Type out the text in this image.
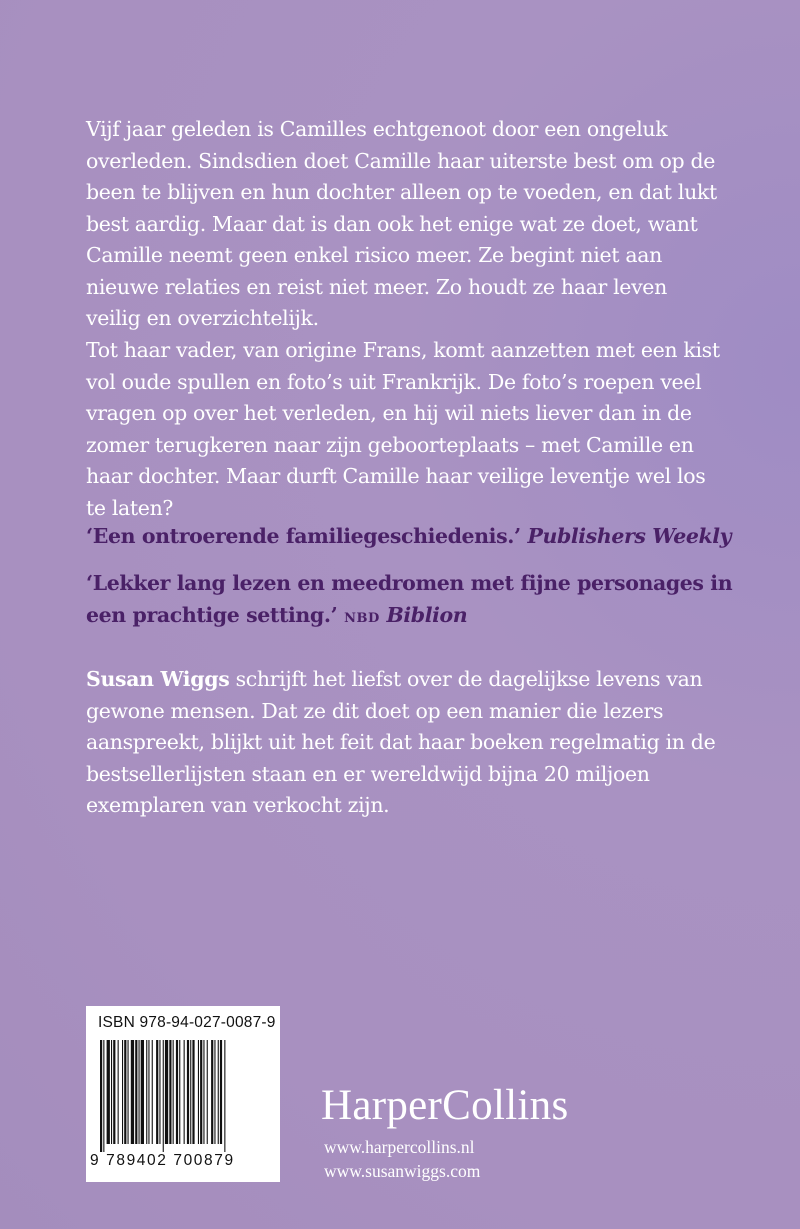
Vijf jaar geleden is Camilles echtgenoot door een ongeluk overleden. Sindsdien doet Camille haar uiterste best om op de been te blijven en hun dochter alleen op te voeden, en dat lukt best aardig. Maar dat is dan ook het enige wat ze doet, want Camille neemt geen enkel risico meer. Ze begint niet aan nieuwe relaties en reist niet meer. Zo houdt ze haar leven veilig en overzichtelijk.

Tot haar vader, van origine Frans, komt aanzetten met een kist vol oude spullen en foto’s uit Frankrijk. De foto’s roepen veel vragen op over het verleden, en hij wil niets liever dan in de zomer terugkeren naar zijn geboorteplaats – met Camille en haar dochter. Maar durft Camille haar veilige leventje wel los te laten?

‘Een ontroerende familiegeschiedenis.’ Publishers Weekly

‘Lekker lang lezen en meedromen met fijne personages in een prachtige setting.’ NBD Biblion

Susan Wiggs schrijft het liefst over de dagelijkse levens van gewone mensen. Dat ze dit doet op een manier die lezers aanspreekt, blijkt uit het feit dat haar boeken regelmatig in de bestsellerlijsten staan en er wereldwijd bijna 20 miljoen exemplaren van verkocht zijn.

ISBN 978-94-027-0087-9
9 789402 700879
HarperCollins
www.harpercollins.nl
www.susanwiggs.com
